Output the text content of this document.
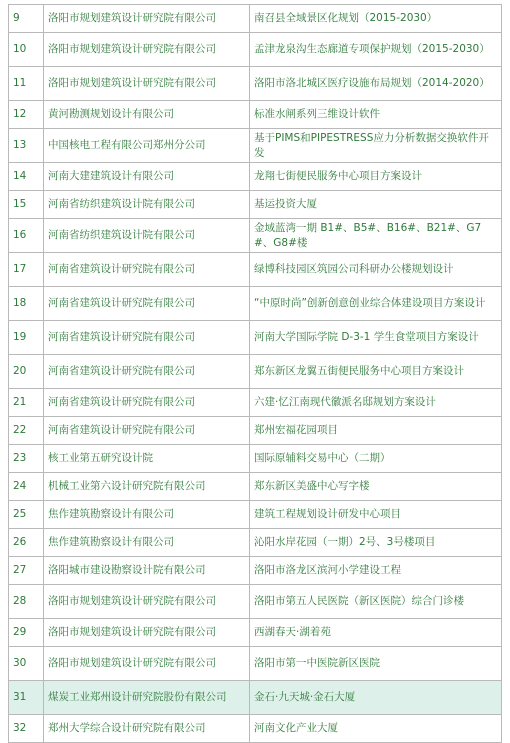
9	洛阳市规划建筑设计研究院有限公司	南召县全域景区化规划（2015-2030）
10	洛阳市规划建筑设计研究院有限公司	孟津龙泉沟生态廊道专项保护规划（2015-2030）
11	洛阳市规划建筑设计研究院有限公司	洛阳市洛北城区医疗设施布局规划（2014-2020）
12	黄河勘测规划设计有限公司	标准水闸系列三维设计软件
13	中国核电工程有限公司郑州分公司	基于PIMS和PIPESTRESS应力分析数据交换软件开发
14	河南大建建筑设计有限公司	龙翔七街便民服务中心项目方案设计
15	河南省纺织建筑设计院有限公司	基运投资大厦
16	河南省纺织建筑设计院有限公司	金域蓝湾一期 B1#、B5#、B16#、B21#、G7#、G8#楼
17	河南省建筑设计研究院有限公司	绿博科技园区筑园公司科研办公楼规划设计
18	河南省建筑设计研究院有限公司	“中原时尚”创新创意创业综合体建设项目方案设计
19	河南省建筑设计研究院有限公司	河南大学国际学院 D-3-1 学生食堂项目方案设计
20	河南省建筑设计研究院有限公司	郑东新区龙翼五街便民服务中心项目方案设计
21	河南省建筑设计研究院有限公司	六建·忆江南现代徽派名邸规划方案设计
22	河南省建筑设计研究院有限公司	郑州宏福花园项目
23	核工业第五研究设计院	国际原辅料交易中心（二期）
24	机械工业第六设计研究院有限公司	郑东新区美盛中心写字楼
25	焦作建筑勘察设计有限公司	建筑工程规划设计研发中心项目
26	焦作建筑勘察设计有限公司	沁阳水岸花园（一期）2号、3号楼项目
27	洛阳城市建设勘察设计院有限公司	洛阳市洛龙区滨河小学建设工程
28	洛阳市规划建筑设计研究院有限公司	洛阳市第五人民医院（新区医院）综合门诊楼
29	洛阳市规划建筑设计研究院有限公司	西湖春天·湖着苑
30	洛阳市规划建筑设计研究院有限公司	洛阳市第一中医院新区医院
31	煤炭工业郑州设计研究院股份有限公司	金石·九天城·金石大厦
32	郑州大学综合设计研究院有限公司	河南文化产业大厦
